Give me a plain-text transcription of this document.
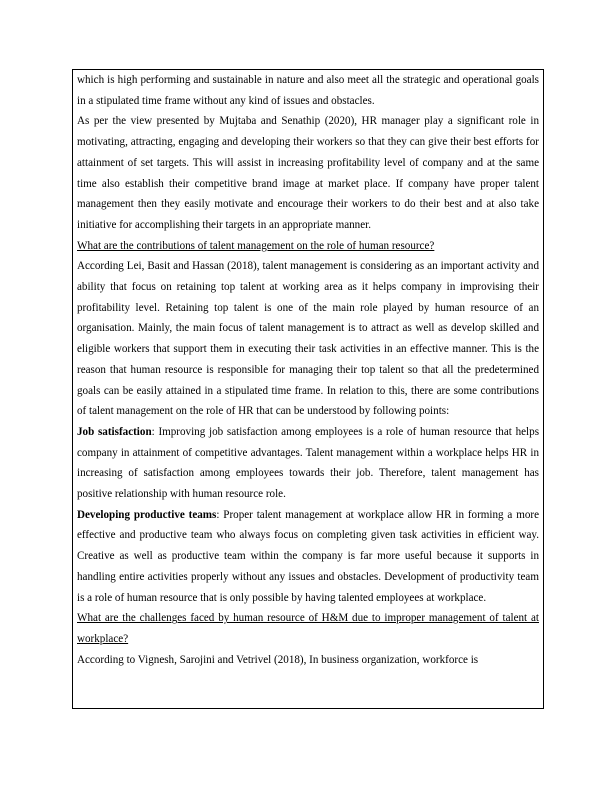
which is high performing and sustainable in nature and also meet all the strategic and operational goals in a stipulated time frame without any kind of issues and obstacles.

As per the view presented by Mujtaba and Senathip (2020), HR manager play a significant role in motivating, attracting, engaging and developing their workers so that they can give their best efforts for attainment of set targets. This will assist in increasing profitability level of company and at the same time also establish their competitive brand image at market place. If company have proper talent management then they easily motivate and encourage their workers to do their best and at also take initiative for accomplishing their targets in an appropriate manner.

What are the contributions of talent management on the role of human resource?

According Lei, Basit and Hassan (2018), talent management is considering as an important activity and ability that focus on retaining top talent at working area as it helps company in improvising their profitability level. Retaining top talent is one of the main role played by human resource of an organisation. Mainly, the main focus of talent management is to attract as well as develop skilled and eligible workers that support them in executing their task activities in an effective manner. This is the reason that human resource is responsible for managing their top talent so that all the predetermined goals can be easily attained in a stipulated time frame. In relation to this, there are some contributions of talent management on the role of HR that can be understood by following points:

Job satisfaction: Improving job satisfaction among employees is a role of human resource that helps company in attainment of competitive advantages. Talent management within a workplace helps HR in increasing of satisfaction among employees towards their job. Therefore, talent management has positive relationship with human resource role.

Developing productive teams: Proper talent management at workplace allow HR in forming a more effective and productive team who always focus on completing given task activities in efficient way. Creative as well as productive team within the company is far more useful because it supports in handling entire activities properly without any issues and obstacles. Development of productivity team is a role of human resource that is only possible by having talented employees at workplace.

What are the challenges faced by human resource of H&M due to improper management of talent at workplace?

According to Vignesh, Sarojini and Vetrivel (2018), In business organization, workforce is
